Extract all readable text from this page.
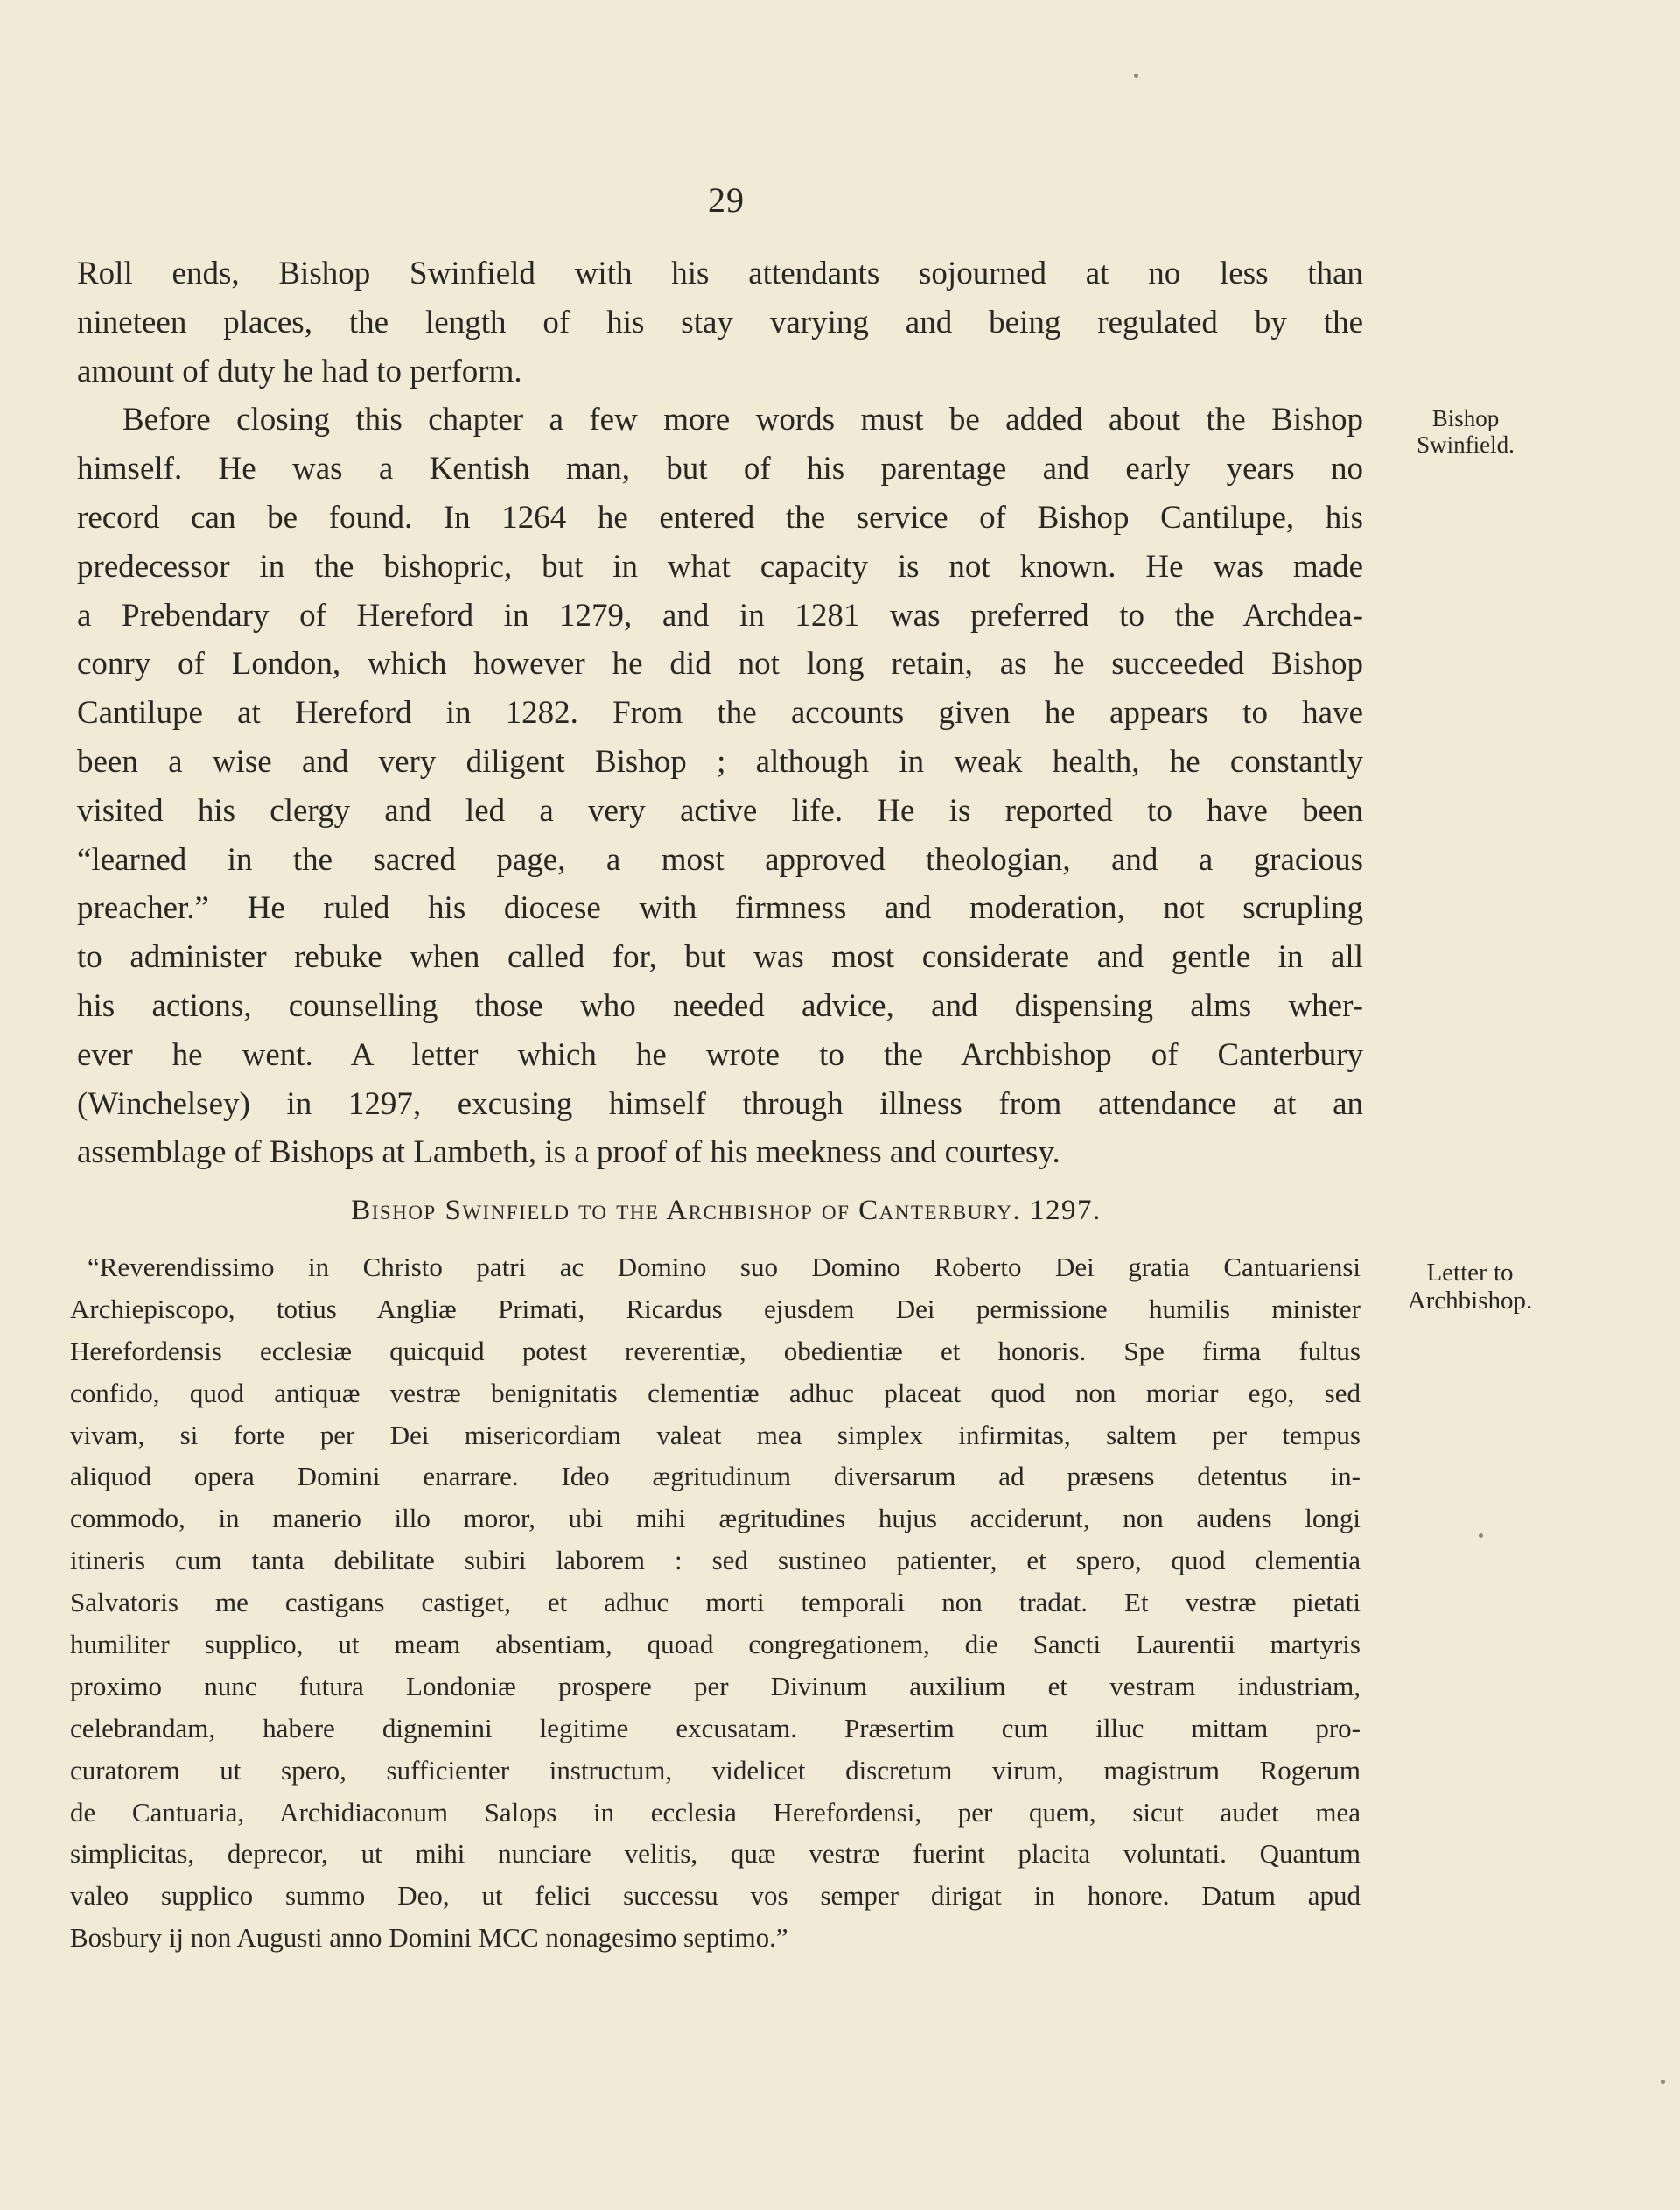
29
Roll ends, Bishop Swinfield with his attendants sojourned at no less than
nineteen places, the length of his stay varying and being regulated by the
amount of duty he had to perform.
Before closing this chapter a few more words must be added about the Bishop
himself. He was a Kentish man, but of his parentage and early years no
record can be found. In 1264 he entered the service of Bishop Cantilupe, his
predecessor in the bishopric, but in what capacity is not known. He was made
a Prebendary of Hereford in 1279, and in 1281 was preferred to the Archdea-
conry of London, which however he did not long retain, as he succeeded Bishop
Cantilupe at Hereford in 1282. From the accounts given he appears to have
been a wise and very diligent Bishop ; although in weak health, he constantly
visited his clergy and led a very active life. He is reported to have been
“learned in the sacred page, a most approved theologian, and a gracious
preacher.” He ruled his diocese with firmness and moderation, not scrupling
to administer rebuke when called for, but was most considerate and gentle in all
his actions, counselling those who needed advice, and dispensing alms wher-
ever he went. A letter which he wrote to the Archbishop of Canterbury
(Winchelsey) in 1297, excusing himself through illness from attendance at an
assemblage of Bishops at Lambeth, is a proof of his meekness and courtesy.
Bishop
Swinfield.
Bishop Swinfield to the Archbishop of Canterbury. 1297.
“Reverendissimo in Christo patri ac Domino suo Domino Roberto Dei gratia Cantuariensi
Archiepiscopo, totius Angliæ Primati, Ricardus ejusdem Dei permissione humilis minister
Herefordensis ecclesiæ quicquid potest reverentiæ, obedientiæ et honoris. Spe firma fultus
confido, quod antiquæ vestræ benignitatis clementiæ adhuc placeat quod non moriar ego, sed
vivam, si forte per Dei misericordiam valeat mea simplex infirmitas, saltem per tempus
aliquod opera Domini enarrare. Ideo ægritudinum diversarum ad præsens detentus in-
commodo, in manerio illo moror, ubi mihi ægritudines hujus acciderunt, non audens longi
itineris cum tanta debilitate subiri laborem : sed sustineo patienter, et spero, quod clementia
Salvatoris me castigans castiget, et adhuc morti temporali non tradat. Et vestræ pietati
humiliter supplico, ut meam absentiam, quoad congregationem, die Sancti Laurentii martyris
proximo nunc futura Londoniæ prospere per Divinum auxilium et vestram industriam,
celebrandam, habere dignemini legitime excusatam. Præsertim cum illuc mittam pro-
curatorem ut spero, sufficienter instructum, videlicet discretum virum, magistrum Rogerum
de Cantuaria, Archidiaconum Salops in ecclesia Herefordensi, per quem, sicut audet mea
simplicitas, deprecor, ut mihi nunciare velitis, quæ vestræ fuerint placita voluntati. Quantum
valeo supplico summo Deo, ut felici successu vos semper dirigat in honore. Datum apud
Bosbury ij non Augusti anno Domini MCC nonagesimo septimo.”
Letter to
Archbishop.
